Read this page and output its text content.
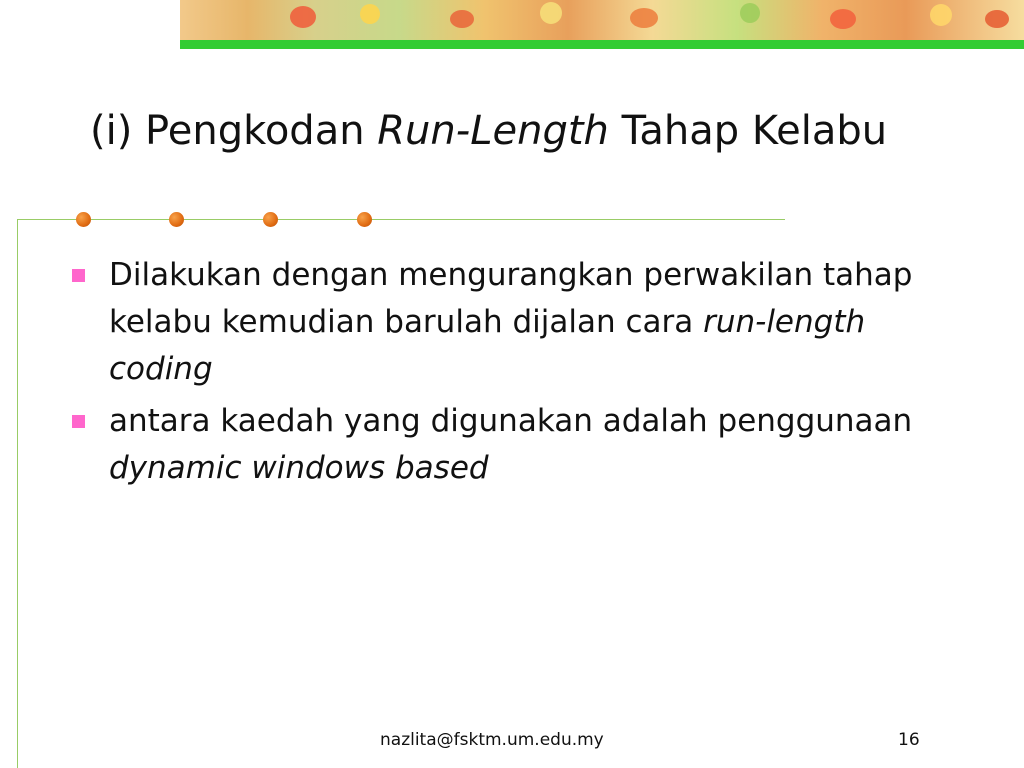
(i) Pengkodan Run-Length Tahap Kelabu
Dilakukan dengan mengurangkan perwakilan tahap kelabu kemudian barulah dijalan cara run-length coding
antara kaedah yang digunakan adalah penggunaan dynamic windows based
nazlita@fsktm.um.edu.my	16
